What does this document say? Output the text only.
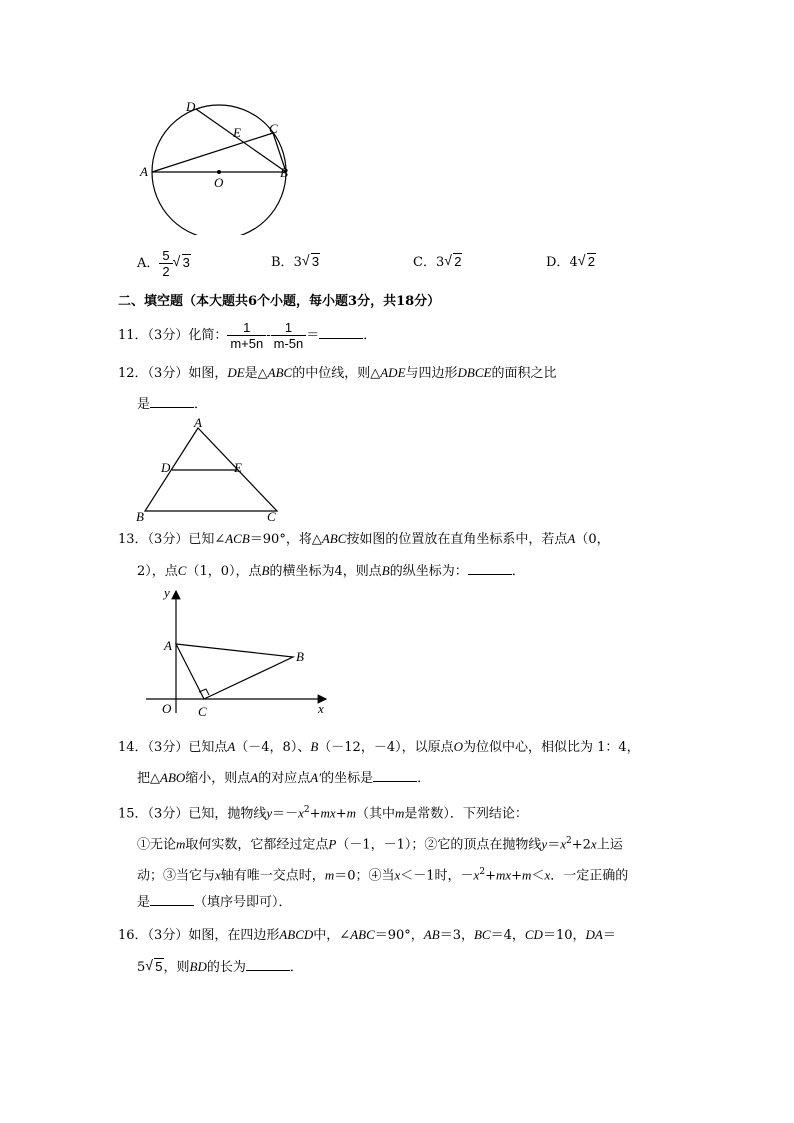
D
E C
A
O
B
A． $\frac{5}{2}$ √ 3	B．3 √ 3	C．3 √ 2	D．4 √ 2
二、填空题（本大题共6个小题，每小题3分，共18分）
11．（3分）化简： $\frac{1}{m+5n} - \frac{1}{m-5n}$ ＝	．
12．（3分）如图，DE是△ABC的中位线，则△ADE与四边形DBCE的面积之比
是	．
A
D	E
B	C
13．（3分）已知∠ACB＝90°，将△ABC按如图的位置放在直角坐标系中，若点A（0，
2），点C（1，0），点B的横坐标为4，则点B的纵坐标为：	．
y
x
A
B
O C
14．（3分）已知点A（－4，8）、B（－12，－4），以原点O为位似中心，相似比为 1：4，
把△ABO缩小，则点A的对应点A′的坐标是	．
15．（3分）已知，抛物线$y=-x^2+mx+m$（其中m是常数）．下列结论：
①无论m取何实数，它都经过定点P（－1，－1）；②它的顶点在抛物线$y=x^2+2x$上运
动；③当它与x轴有唯一交点时，m＝0；④当x＜－1时，$-x^2+mx+m<x$．一定正确的
是	（填序号即可）．
16．（3分）如图，在四边形ABCD中，∠ABC＝90°，AB＝3，BC＝4，CD＝10，DA＝
5 √ 5，则BD的长为	．
